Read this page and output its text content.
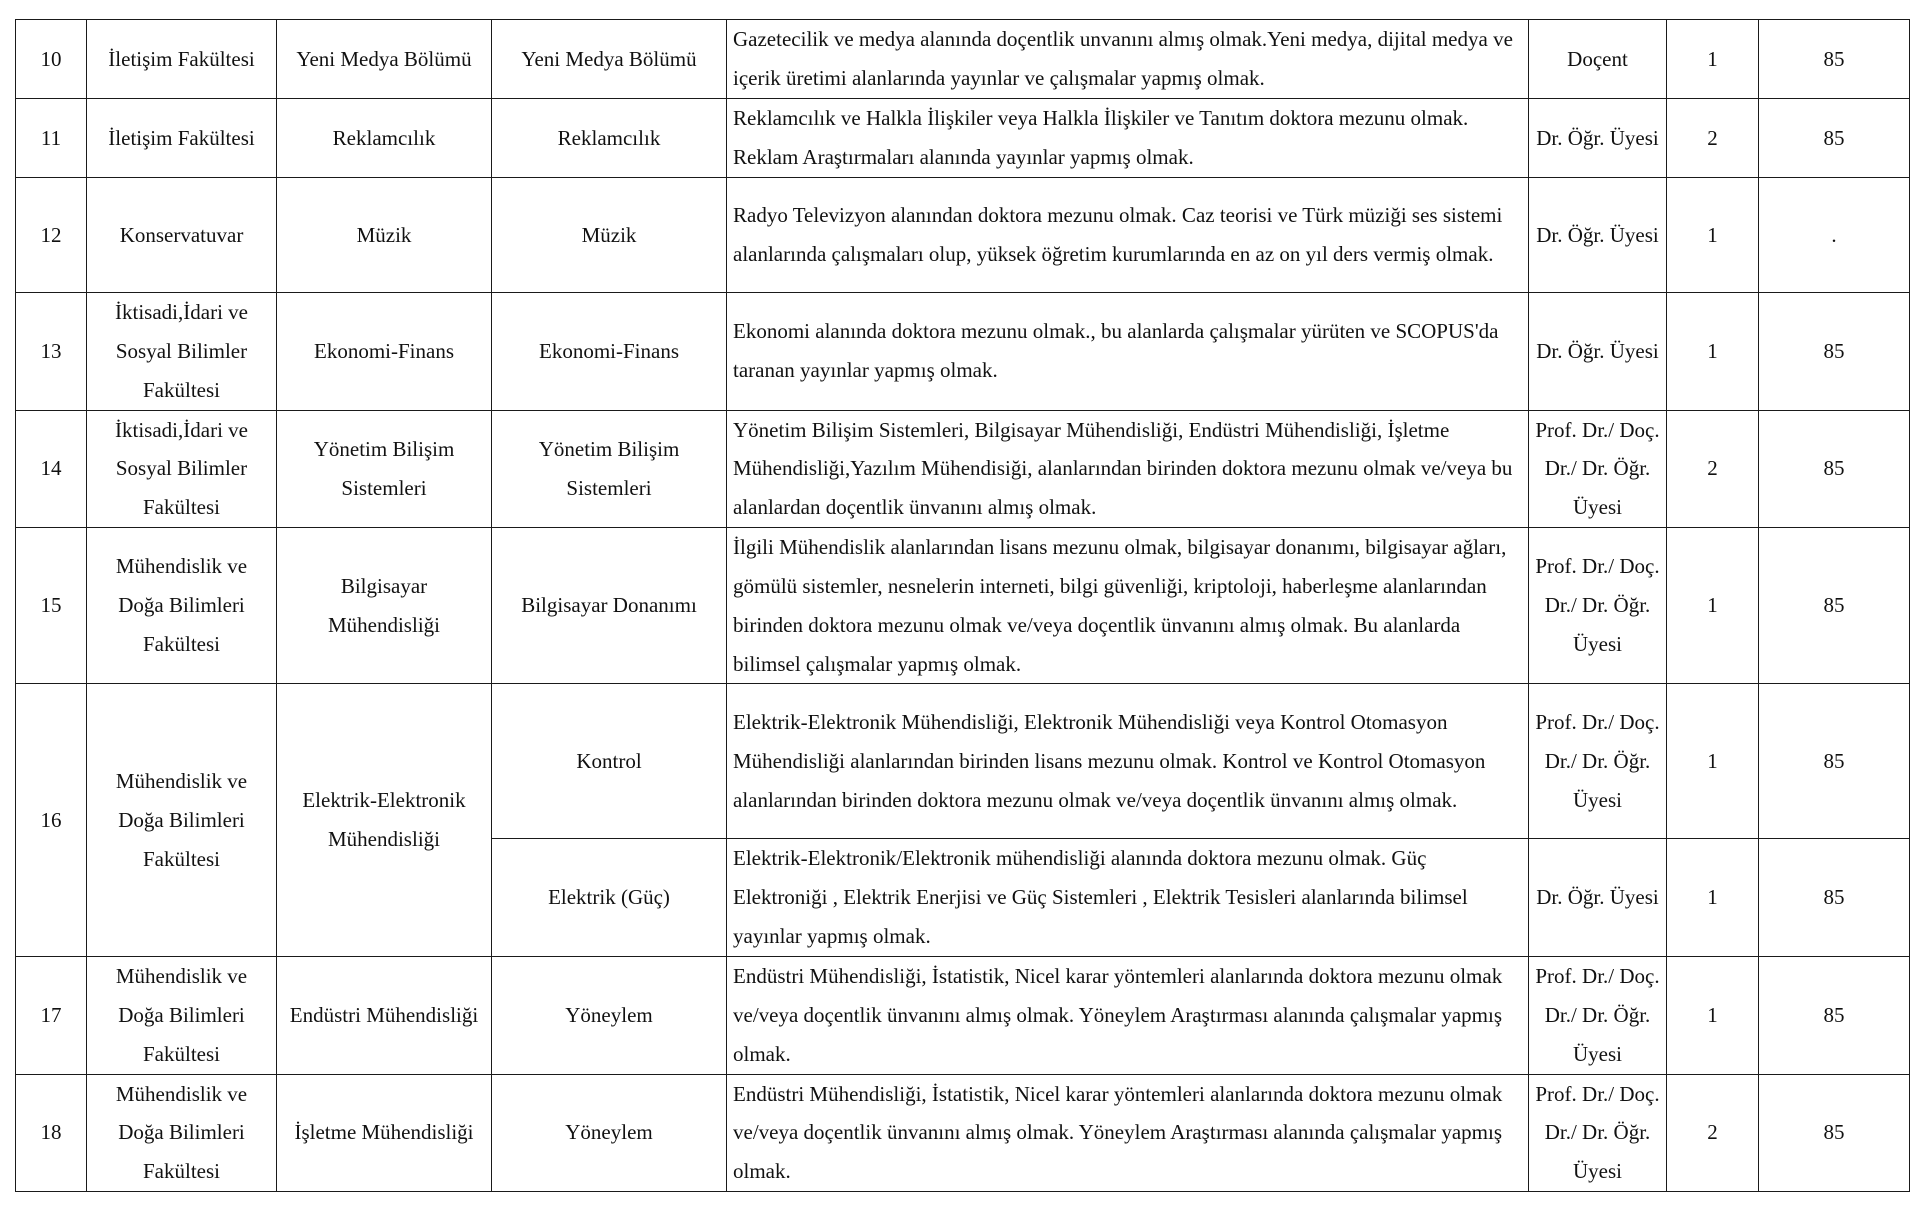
10	İletişim Fakültesi	Yeni Medya Bölümü	Yeni Medya Bölümü	Gazetecilik ve medya alanında doçentlik unvanını almış olmak.Yeni medya, dijital medya ve içerik üretimi alanlarında yayınlar ve çalışmalar yapmış olmak.	Doçent	1	85
11	İletişim Fakültesi	Reklamcılık	Reklamcılık	Reklamcılık ve Halkla İlişkiler veya Halkla İlişkiler ve Tanıtım doktora mezunu olmak. Reklam Araştırmaları alanında yayınlar yapmış olmak.	Dr. Öğr. Üyesi	2	85
12	Konservatuvar	Müzik	Müzik	Radyo Televizyon alanından doktora mezunu olmak. Caz teorisi ve Türk müziği ses sistemi alanlarında çalışmaları olup, yüksek öğretim kurumlarında en az on yıl ders vermiş olmak.	Dr. Öğr. Üyesi	1	.
13	İktisadi,İdari ve Sosyal Bilimler Fakültesi	Ekonomi-Finans	Ekonomi-Finans	Ekonomi alanında doktora mezunu olmak., bu alanlarda çalışmalar yürüten ve SCOPUS'da taranan yayınlar yapmış olmak.	Dr. Öğr. Üyesi	1	85
14	İktisadi,İdari ve Sosyal Bilimler Fakültesi	Yönetim Bilişim Sistemleri	Yönetim Bilişim Sistemleri	Yönetim Bilişim Sistemleri, Bilgisayar Mühendisliği, Endüstri Mühendisliği, İşletme Mühendisliği,Yazılım Mühendisiği, alanlarından birinden doktora mezunu olmak ve/veya bu alanlardan doçentlik ünvanını almış olmak.	Prof. Dr./ Doç. Dr./ Dr. Öğr. Üyesi	2	85
15	Mühendislik ve Doğa Bilimleri Fakültesi	Bilgisayar Mühendisliği	Bilgisayar Donanımı	İlgili Mühendislik alanlarından lisans mezunu olmak, bilgisayar donanımı, bilgisayar ağları, gömülü sistemler, nesnelerin interneti, bilgi güvenliği, kriptoloji, haberleşme alanlarından birinden doktora mezunu olmak ve/veya doçentlik ünvanını almış olmak. Bu alanlarda bilimsel çalışmalar yapmış olmak.	Prof. Dr./ Doç. Dr./ Dr. Öğr. Üyesi	1	85
16	Mühendislik ve Doğa Bilimleri Fakültesi	Elektrik-Elektronik Mühendisliği	Kontrol	Elektrik-Elektronik Mühendisliği, Elektronik Mühendisliği veya Kontrol Otomasyon Mühendisliği alanlarından birinden lisans mezunu olmak. Kontrol ve Kontrol Otomasyon alanlarından birinden doktora mezunu olmak ve/veya doçentlik ünvanını almış olmak.	Prof. Dr./ Doç. Dr./ Dr. Öğr. Üyesi	1	85
			Elektrik (Güç)	Elektrik-Elektronik/Elektronik mühendisliği alanında doktora mezunu olmak. Güç Elektroniği , Elektrik Enerjisi ve Güç Sistemleri , Elektrik Tesisleri alanlarında bilimsel yayınlar yapmış olmak.	Dr. Öğr. Üyesi	1	85
17	Mühendislik ve Doğa Bilimleri Fakültesi	Endüstri Mühendisliği	Yöneylem	Endüstri Mühendisliği, İstatistik, Nicel karar yöntemleri alanlarında doktora mezunu olmak ve/veya doçentlik ünvanını almış olmak. Yöneylem Araştırması alanında çalışmalar yapmış olmak.	Prof. Dr./ Doç. Dr./ Dr. Öğr. Üyesi	1	85
18	Mühendislik ve Doğa Bilimleri Fakültesi	İşletme Mühendisliği	Yöneylem	Endüstri Mühendisliği, İstatistik, Nicel karar yöntemleri alanlarında doktora mezunu olmak ve/veya doçentlik ünvanını almış olmak. Yöneylem Araştırması alanında çalışmalar yapmış olmak.	Prof. Dr./ Doç. Dr./ Dr. Öğr. Üyesi	2	85
